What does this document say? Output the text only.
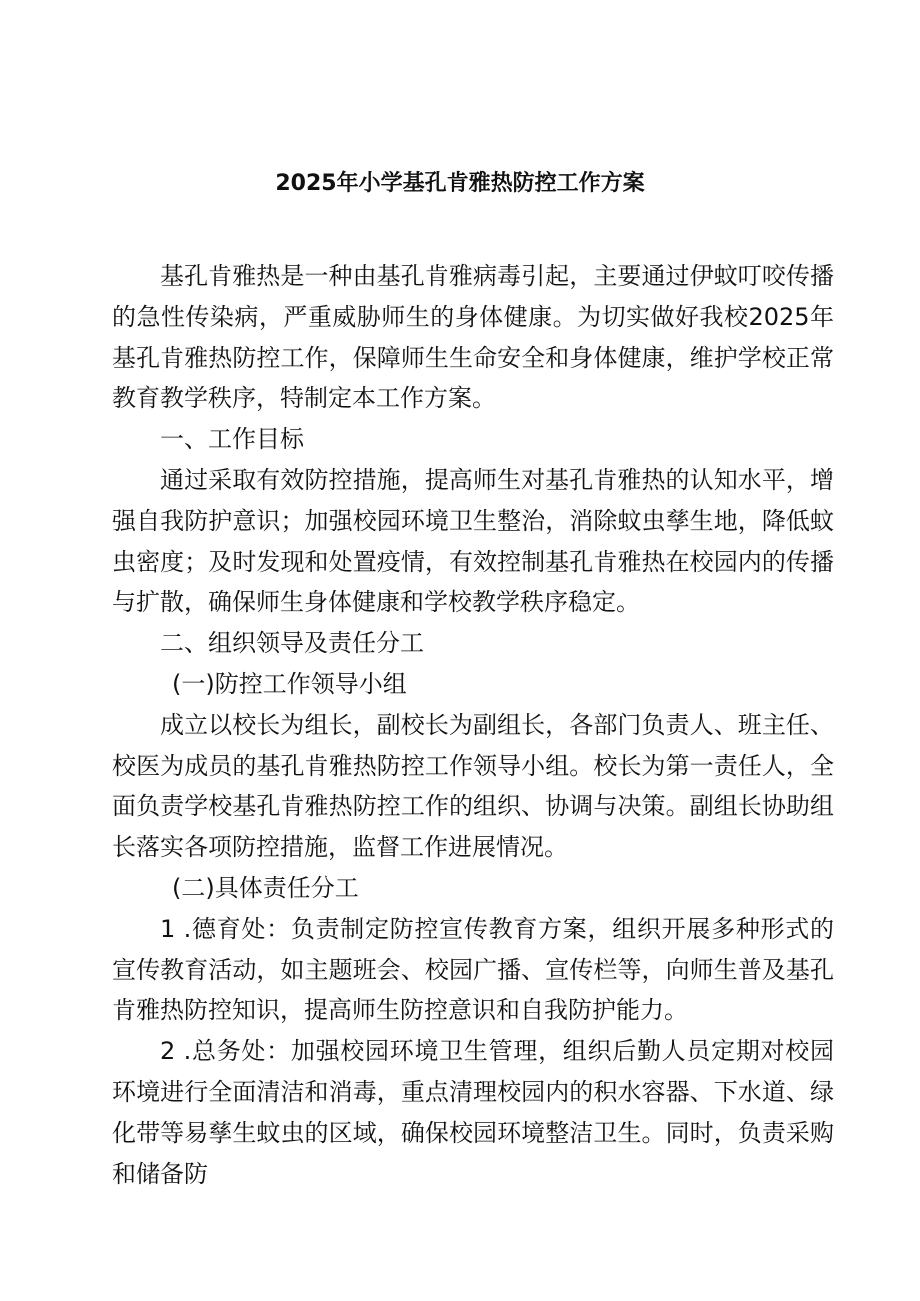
2025年小学基孔肯雅热防控工作方案

基孔肯雅热是一种由基孔肯雅病毒引起，主要通过伊蚊叮咬传播的急性传染病，严重威胁师生的身体健康。为切实做好我校2025年基孔肯雅热防控工作，保障师生生命安全和身体健康，维护学校正常教育教学秩序，特制定本工作方案。

一、工作目标

通过采取有效防控措施，提高师生对基孔肯雅热的认知水平，增强自我防护意识；加强校园环境卫生整治，消除蚊虫孳生地，降低蚊虫密度；及时发现和处置疫情，有效控制基孔肯雅热在校园内的传播与扩散，确保师生身体健康和学校教学秩序稳定。

二、组织领导及责任分工

(一)防控工作领导小组

成立以校长为组长，副校长为副组长，各部门负责人、班主任、校医为成员的基孔肯雅热防控工作领导小组。校长为第一责任人，全面负责学校基孔肯雅热防控工作的组织、协调与决策。副组长协助组长落实各项防控措施，监督工作进展情况。

(二)具体责任分工

1 .德育处：负责制定防控宣传教育方案，组织开展多种形式的宣传教育活动，如主题班会、校园广播、宣传栏等，向师生普及基孔肯雅热防控知识，提高师生防控意识和自我防护能力。

2 .总务处：加强校园环境卫生管理，组织后勤人员定期对校园环境进行全面清洁和消毒，重点清理校园内的积水容器、下水道、绿化带等易孳生蚊虫的区域，确保校园环境整洁卫生。同时，负责采购和储备防
